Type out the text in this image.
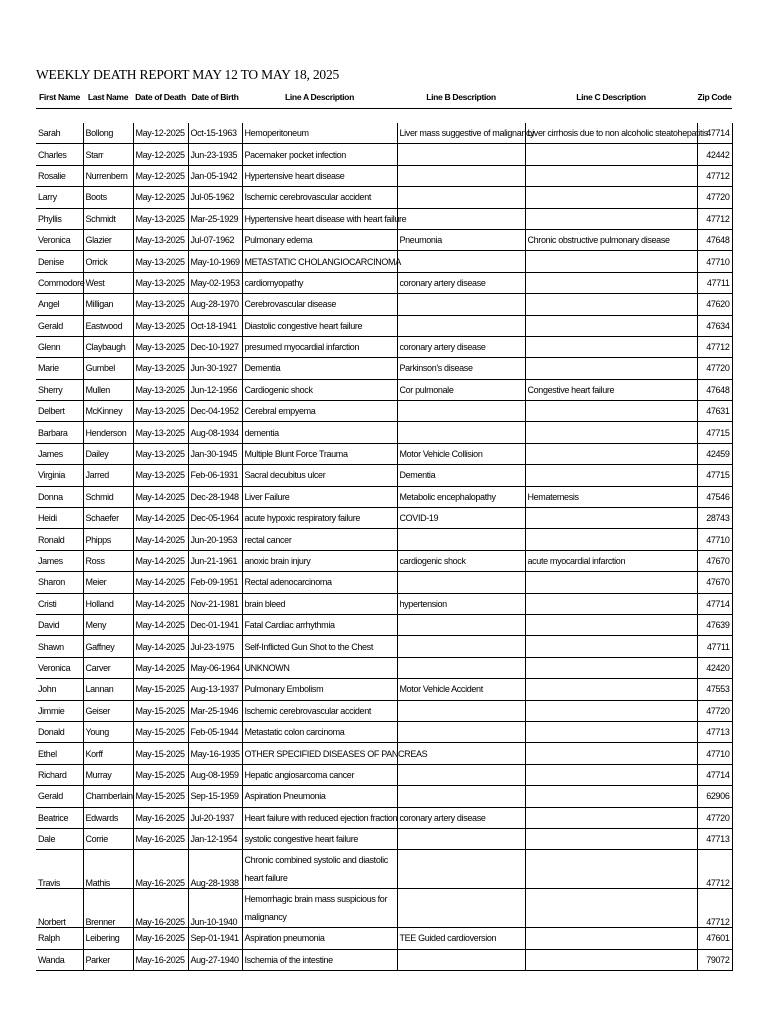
WEEKLY DEATH REPORT MAY 12 TO MAY 18, 2025
First Name	Last Name	Date of Death	Date of Birth	Line A Description	Line B Description	Line C Description	Zip Code

Sarah	Bollong	May-12-2025	Oct-15-1963	Hemoperitoneum	Liver mass suggestive of malignancy	Liver cirrhosis due to non alcoholic steatohepatitis	47714
Charles	Starr	May-12-2025	Jun-23-1935	Pacemaker pocket infection			42442
Rosalie	Nurrenbern	May-12-2025	Jan-05-1942	Hypertensive heart disease			47712
Larry	Boots	May-12-2025	Jul-05-1962	Ischemic cerebrovascular accident			47720
Phyllis	Schmidt	May-13-2025	Mar-25-1929	Hypertensive heart disease with heart failure			47712
Veronica	Glazier	May-13-2025	Jul-07-1962	Pulmonary edema	Pneumonia	Chronic obstructive pulmonary disease	47648
Denise	Orrick	May-13-2025	May-10-1969	METASTATIC CHOLANGIOCARCINOMA			47710
Commodore	West	May-13-2025	May-02-1953	cardiomyopathy	coronary artery disease		47711
Angel	Milligan	May-13-2025	Aug-28-1970	Cerebrovascular disease			47620
Gerald	Eastwood	May-13-2025	Oct-18-1941	Diastolic congestive heart failure			47634
Glenn	Claybaugh	May-13-2025	Dec-10-1927	presumed myocardial infarction	coronary artery disease		47712
Marie	Gumbel	May-13-2025	Jun-30-1927	Dementia	Parkinson's disease		47720
Sherry	Mullen	May-13-2025	Jun-12-1956	Cardiogenic shock	Cor pulmonale	Congestive heart failure	47648
Delbert	McKinney	May-13-2025	Dec-04-1952	Cerebral empyema			47631
Barbara	Henderson	May-13-2025	Aug-08-1934	dementia			47715
James	Dailey	May-13-2025	Jan-30-1945	Multiple Blunt Force Trauma	Motor Vehicle Collision		42459
Virginia	Jarred	May-13-2025	Feb-06-1931	Sacral decubitus ulcer	Dementia		47715
Donna	Schmid	May-14-2025	Dec-28-1948	Liver Failure	Metabolic encephalopathy	Hematemesis	47546
Heidi	Schaefer	May-14-2025	Dec-05-1964	acute hypoxic respiratory failure	COVID-19		28743
Ronald	Phipps	May-14-2025	Jun-20-1953	rectal cancer			47710
James	Ross	May-14-2025	Jun-21-1961	anoxic brain injury	cardiogenic shock	acute myocardial infarction	47670
Sharon	Meier	May-14-2025	Feb-09-1951	Rectal adenocarcinoma			47670
Cristi	Holland	May-14-2025	Nov-21-1981	brain bleed	hypertension		47714
David	Meny	May-14-2025	Dec-01-1941	Fatal Cardiac arrhythmia			47639
Shawn	Gaffney	May-14-2025	Jul-23-1975	Self-Inflicted Gun Shot to the Chest			47711
Veronica	Carver	May-14-2025	May-06-1964	UNKNOWN			42420
John	Lannan	May-15-2025	Aug-13-1937	Pulmonary Embolism	Motor Vehicle Accident		47553
Jimmie	Geiser	May-15-2025	Mar-25-1946	Ischemic cerebrovascular accident			47720
Donald	Young	May-15-2025	Feb-05-1944	Metastatic colon carcinoma			47713
Ethel	Korff	May-15-2025	May-16-1935	OTHER SPECIFIED DISEASES OF PANCREAS			47710
Richard	Murray	May-15-2025	Aug-08-1959	Hepatic angiosarcoma cancer			47714
Gerald	Chamberlain	May-15-2025	Sep-15-1959	Aspiration Pneumonia			62906
Beatrice	Edwards	May-16-2025	Jul-20-1937	Heart failure with reduced ejection fraction	coronary artery disease		47720
Dale	Corrie	May-16-2025	Jan-12-1954	systolic congestive heart failure			47713
Travis	Mathis	May-16-2025	Aug-28-1938	Chronic combined systolic and diastolic heart failure			47712
Norbert	Brenner	May-16-2025	Jun-10-1940	Hemorrhagic brain mass suspicious for malignancy			47712
Ralph	Leibering	May-16-2025	Sep-01-1941	Aspiration pneumonia	TEE Guided cardioversion		47601
Wanda	Parker	May-16-2025	Aug-27-1940	Ischemia of the intestine			79072
